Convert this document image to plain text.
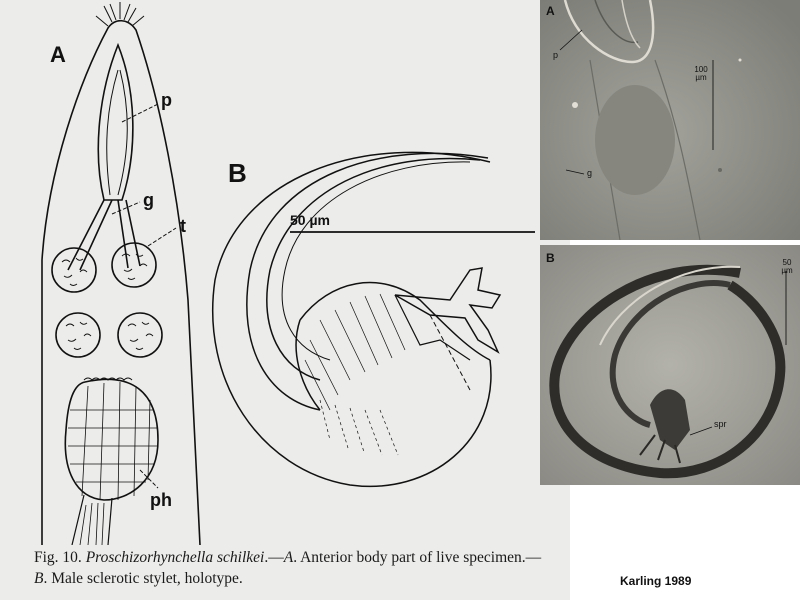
A
B
p
g
t
ph
50 µm
Fig. 10. Proschizorhynchella schilkei.—A. Anterior body part of live specimen.—B. Male sclerotic stylet, holotype.
A
p
g
100
µm
B
spr
50
µm
Karling 1989
